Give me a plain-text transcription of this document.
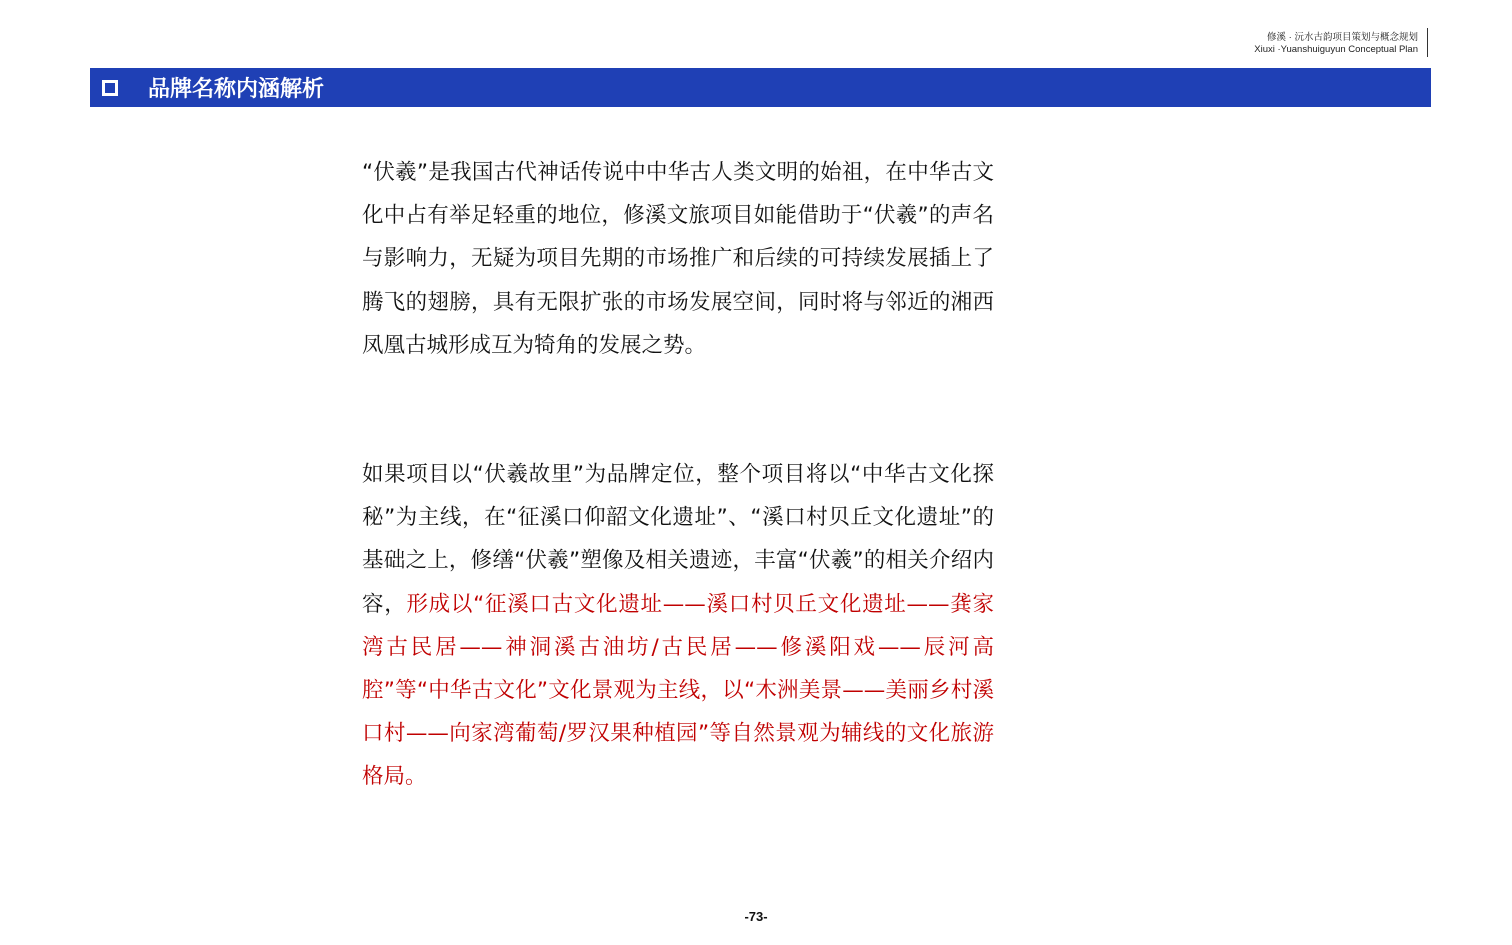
修溪 · 沅水古韵项目策划与概念规划
Xiuxi ·Yuanshuiguyun Conceptual Plan
品牌名称内涵解析
“伏羲”是我国古代神话传说中中华古人类文明的始祖，在中华古文化中占有举足轻重的地位，修溪文旅项目如能借助于“伏羲”的声名与影响力，无疑为项目先期的市场推广和后续的可持续发展插上了腾飞的翅膀，具有无限扩张的市场发展空间，同时将与邻近的湘西凤凰古城形成互为犄角的发展之势。
如果项目以“伏羲故里”为品牌定位，整个项目将以“中华古文化探秘”为主线，在“征溪口仰韶文化遗址”、“溪口村贝丘文化遗址”的基础之上，修缮“伏羲”塑像及相关遗迹，丰富“伏羲”的相关介绍内容，形成以“征溪口古文化遗址——溪口村贝丘文化遗址——龚家湾古民居——神洞溪古油坊/古民居——修溪阳戏——辰河高腔”等“中华古文化”文化景观为主线，以“木洲美景——美丽乡村溪口村——向家湾葡萄/罗汉果种植园”等自然景观为辅线的文化旅游格局。
-73-
